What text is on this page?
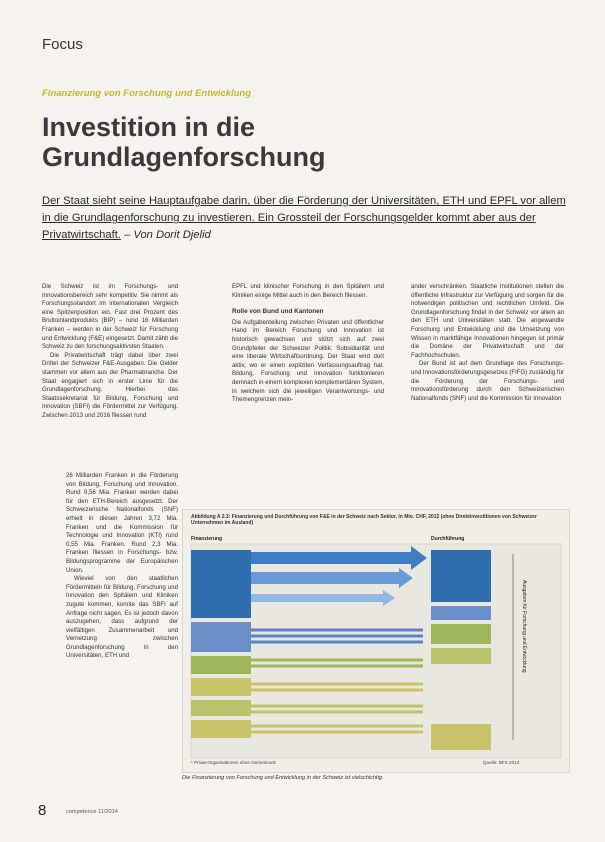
Focus
Finanzierung von Forschung und Entwicklung
Investition in die
Grundlagenforschung
Der Staat sieht seine Hauptaufgabe darin, über die Förderung der Universitäten, ETH und EPFL vor allem in die Grundlagenforschung zu investieren. Ein Grossteil der Forschungsgelder kommt aber aus der Privatwirtschaft. – Von Dorit Djelid

Die Schweiz ist im Forschungs- und Innovationsbereich sehr kompetitiv. Sie nimmt als Forschungsstandort im internationalen Vergleich eine Spitzenposition ein. Fast drei Prozent des Bruttoinlandprodukts (BIP) – rund 16 Milliarden Franken – werden in der Schweiz für Forschung und Entwicklung (F&E) eingesetzt. Damit zählt die Schweiz zu den forschungsaktivsten Staaten.

Die Privatwirtschaft trägt dabei über zwei Drittel der Schweizer F&E-Ausgaben. Die Gelder stammen vor allem aus der Pharmabranche. Der Staat engagiert sich in erster Linie für die Grundlagenforschung. Hierbei das Staatssekretariat für Bildung, Forschung und Innovation (SBFI) die Fördermittel zur Verfügung. Zwischen 2013 und 2016 fliessen rund

26 Milliarden Franken in die Förderung von Bildung, Forschung und Innovation. Rund 9,56 Mia. Franken werden dabei für den ETH-Bereich ausgesetzt. Der Schweizerische Nationalfonds (SNF) erhielt in diesen Jahren 3,72 Mia. Franken und die Kommission für Technologie und Innovation (KTI) rund 0,55 Mia. Franken. Rund 2,3 Mia. Franken fliessen in Forschungs- bzw. Bildungsprogramme der Europäischen Union.

Wieviel von den staatlichen Fördermitteln für Bildung, Forschung und Innovation den Spitälern und Kliniken zugute kommen, konnte das SBFI auf Anfrage nicht sagen. Es ist jedoch davon auszugehen, dass aufgrund der vielfältigen Zusammenarbeit und Vernetzung zwischen Grundlagenforschung in den Universitäten, ETH und

EPFL und klinischer Forschung in den Spitälern und Kliniken einige Mittel auch in den Bereich fliessen.

Rolle von Bund und Kantonen

Die Aufgabenteilung zwischen Privaten und öffentlicher Hand im Bereich Forschung und Innovation ist historisch gewachsen und stützt sich auf zwei Grundpfeiler der Schweizer Politik: Subsidiarität und eine liberale Wirtschaftsordnung. Der Staat wird dort aktiv, wo er einen expliziten Verfassungsauftrag hat. Bildung, Forschung und Innovation funktionieren demnach in einem komplexen komplementären System, in welchem sich die jeweiligen Verantwortungs- und Themengrenzen mein-

ander verschränken. Staatliche Institutionen stellen die öffentliche Infrastruktur zur Verfügung und sorgen für die notwendigen politischen und rechtlichen Umfeld. Die Grundlagenforschung findet in der Schweiz vor allem an den ETH und Universitäten statt. Die angewandte Forschung und Entwicklung und die Umsetzung von Wissen in marktfähige Innovationen hingegen ist primär die Domäne der Privatwirtschaft und der Fachhochschulen.

Der Bund ist auf dem Grundlage des Forschungs- und Innovationsförderungsgesetzes (FIFG) zuständig für die Förderung der Forschungs- und Innovationsförderung durch den Schweizerischen Nationalfonds (SNF) und die Kommission für Innovation

Abbildung A 2.3: Finanzierung und Durchführung von F&E in der Schweiz nach Sektor, in Mio. CHF, 2012 (ohne Direktinvestitionen von Schweizer Unternehmen im Ausland)
Finanzierung	Durchführung
Ausgaben für Forschung und Entwicklung
* Privat-Organisationen ohne Gemeinnutz	Quelle: BFS 2014
Die Finanzierung von Forschung und Entwicklung in der Schweiz ist vielschichtig.
8	competence 11/2014
